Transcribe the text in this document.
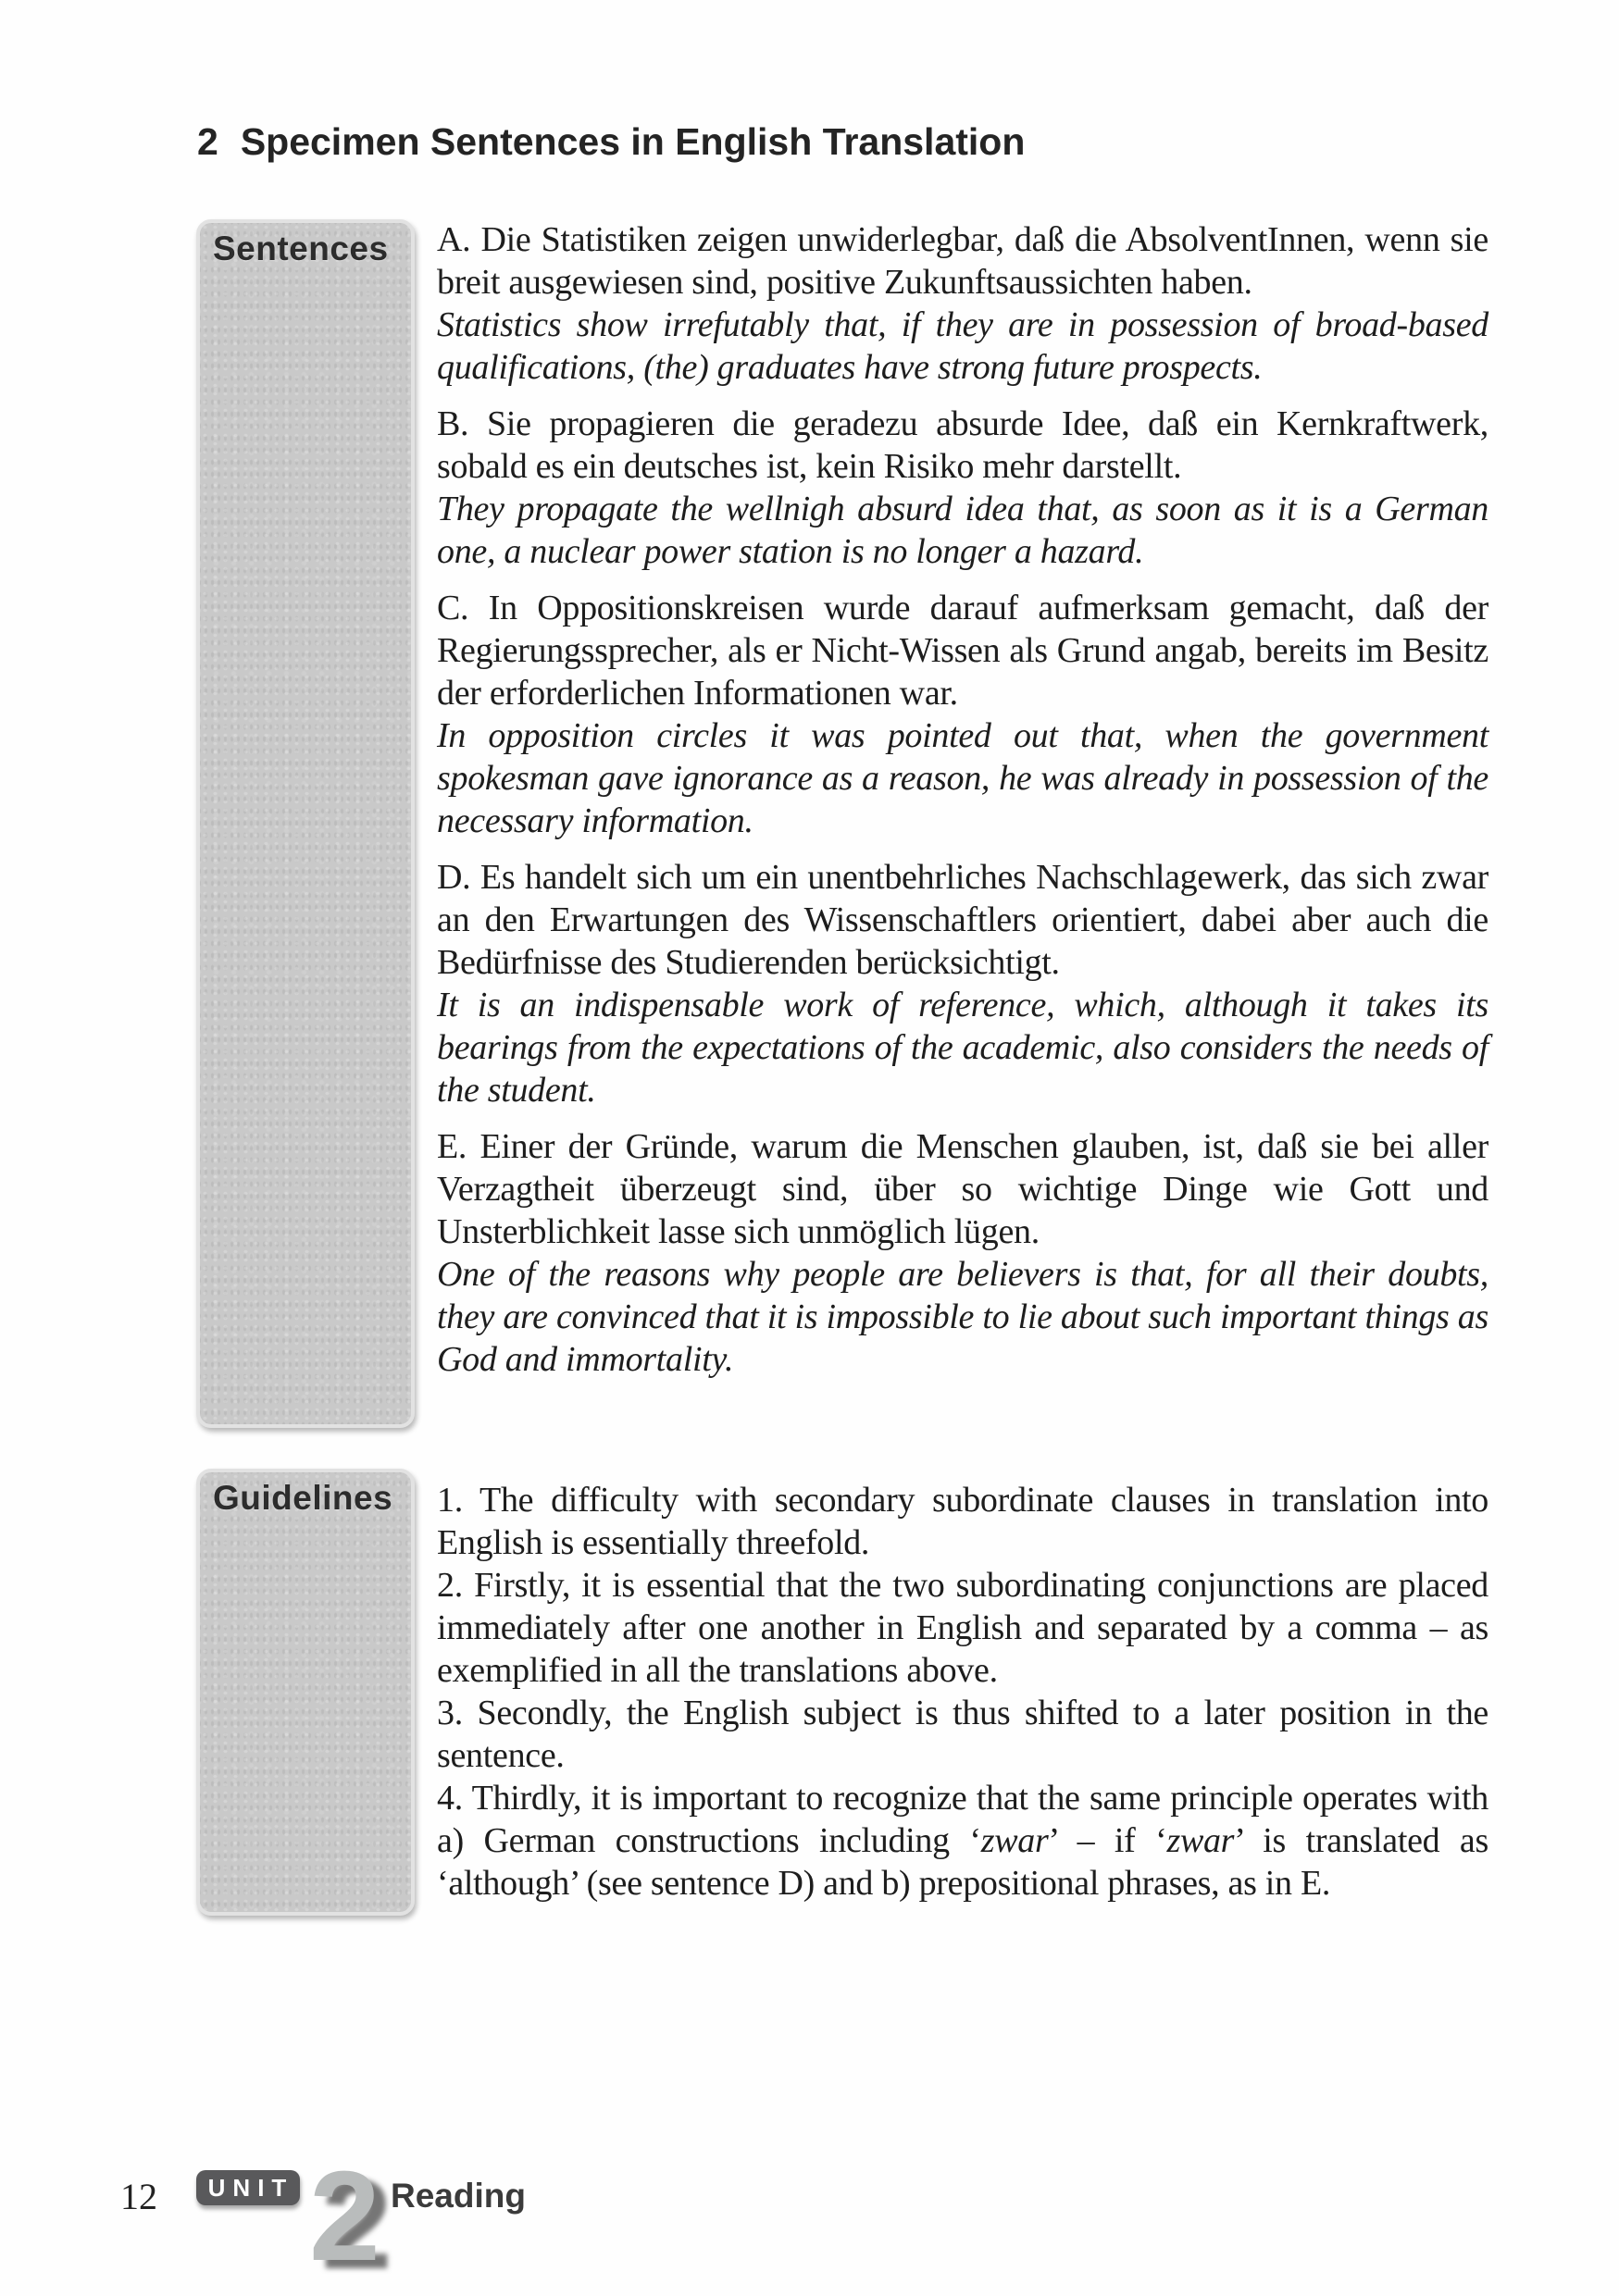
2 Specimen Sentences in English Translation
Sentences
Guidelines

A. Die Statistiken zeigen unwiderlegbar, daß die AbsolventInnen, wenn sie breit ausgewiesen sind, positive Zukunftsaussichten haben.

Statistics show irrefutably that, if they are in possession of broad-based qualifications, (the) graduates have strong future prospects.

B. Sie propagieren die geradezu absurde Idee, daß ein Kernkraftwerk, sobald es ein deutsches ist, kein Risiko mehr darstellt.

They propagate the wellnigh absurd idea that, as soon as it is a German one, a nuclear power station is no longer a hazard.

C. In Oppositionskreisen wurde darauf aufmerksam gemacht, daß der Regierungssprecher, als er Nicht-Wissen als Grund angab, bereits im Besitz der erforderlichen Informationen war.

In opposition circles it was pointed out that, when the government spokesman gave ignorance as a reason, he was already in possession of the necessary information.

D. Es handelt sich um ein unentbehrliches Nachschlagewerk, das sich zwar an den Erwartungen des Wissenschaftlers orientiert, dabei aber auch die Bedürfnisse des Studierenden berücksichtigt.

It is an indispensable work of reference, which, although it takes its bearings from the expectations of the academic, also considers the needs of the student.

E. Einer der Gründe, warum die Menschen glauben, ist, daß sie bei aller Verzagtheit überzeugt sind, über so wichtige Dinge wie Gott und Unsterblichkeit lasse sich unmöglich lügen.

One of the reasons why people are believers is that, for all their doubts, they are convinced that it is impossible to lie about such important things as God and immortality.

1. The difficulty with secondary subordinate clauses in translation into English is essentially threefold.

2. Firstly, it is essential that the two subordinating conjunctions are placed immediately after one another in English and separated by a comma – as exemplified in all the translations above.

3. Secondly, the English subject is thus shifted to a later position in the sentence.

4. Thirdly, it is important to recognize that the same principle operates with a) German constructions including ‘zwar’ – if ‘zwar’ is translated as ‘although’ (see sentence D) and b) prepositional phrases, as in E.

12	UNIT 2 Reading
